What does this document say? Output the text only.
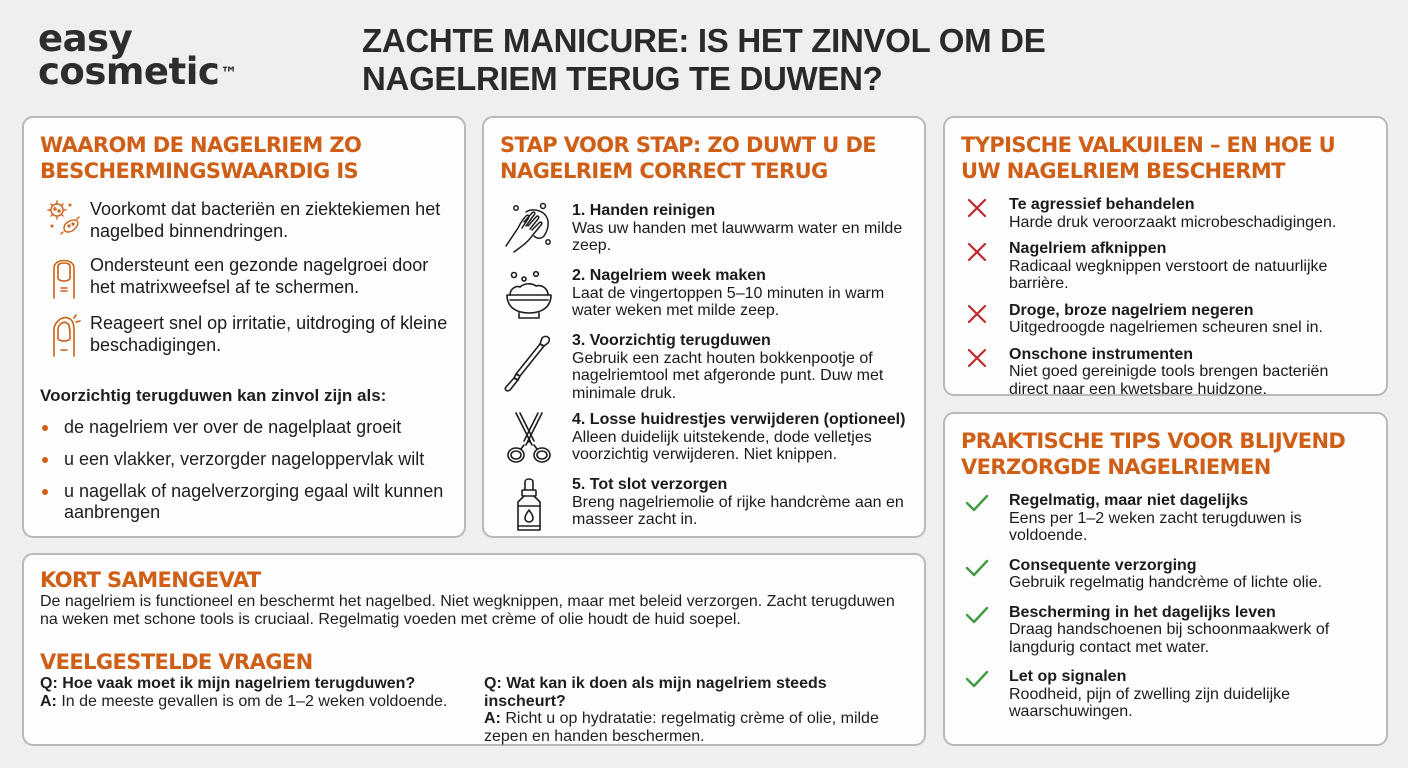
easy
cosmetic™
ZACHTE MANICURE: IS HET ZINVOL OM DE NAGELRIEM TERUG TE DUWEN?
WAAROM DE NAGELRIEM ZO BESCHERMINGSWAARDIG IS
Voorkomt dat bacteriën en ziektekiemen het nagelbed binnendringen.
Ondersteunt een gezonde nagelgroei door het matrixweefsel af te schermen.
Reageert snel op irritatie, uitdroging of kleine beschadigingen.
Voorzichtig terugduwen kan zinvol zijn als:
de nagelriem ver over de nagelplaat groeit
u een vlakker, verzorgder nageloppervlak wilt
u nagellak of nagelverzorging egaal wilt kunnen aanbrengen
STAP VOOR STAP: ZO DUWT U DE NAGELRIEM CORRECT TERUG
1. Handen reinigen
Was uw handen met lauwwarm water en milde zeep.
2. Nagelriem week maken
Laat de vingertoppen 5–10 minuten in warm water weken met milde zeep.
3. Voorzichtig terugduwen
Gebruik een zacht houten bokkenpootje of nagelriemtool met afgeronde punt. Duw met minimale druk.
4. Losse huidrestjes verwijderen (optioneel)
Alleen duidelijk uitstekende, dode velletjes voorzichtig verwijderen. Niet knippen.
5. Tot slot verzorgen
Breng nagelriemolie of rijke handcrème aan en masseer zacht in.
TYPISCHE VALKUILEN – EN HOE U UW NAGELRIEM BESCHERMT
Te agressief behandelen
Harde druk veroorzaakt microbeschadigingen.
Nagelriem afknippen
Radicaal wegknippen verstoort de natuurlijke barrière.
Droge, broze nagelriem negeren
Uitgedroogde nagelriemen scheuren snel in.
Onschone instrumenten
Niet goed gereinigde tools brengen bacteriën direct naar een kwetsbare huidzone.
PRAKTISCHE TIPS VOOR BLIJVEND VERZORGDE NAGELRIEMEN
Regelmatig, maar niet dagelijks
Eens per 1–2 weken zacht terugduwen is voldoende.
Consequente verzorging
Gebruik regelmatig handcrème of lichte olie.
Bescherming in het dagelijks leven
Draag handschoenen bij schoonmaakwerk of langdurig contact met water.
Let op signalen
Roodheid, pijn of zwelling zijn duidelijke waarschuwingen.
KORT SAMENGEVAT

De nagelriem is functioneel en beschermt het nagelbed. Niet wegknippen, maar met beleid verzorgen. Zacht terugduwen na weken met schone tools is cruciaal. Regelmatig voeden met crème of olie houdt de huid soepel.

VEELGESTELDE VRAGEN
Q: Hoe vaak moet ik mijn nagelriem terugduwen?
A: In de meeste gevallen is om de 1–2 weken voldoende.
Q: Wat kan ik doen als mijn nagelriem steeds inscheurt?
A: Richt u op hydratatie: regelmatig crème of olie, milde zepen en handen beschermen.
